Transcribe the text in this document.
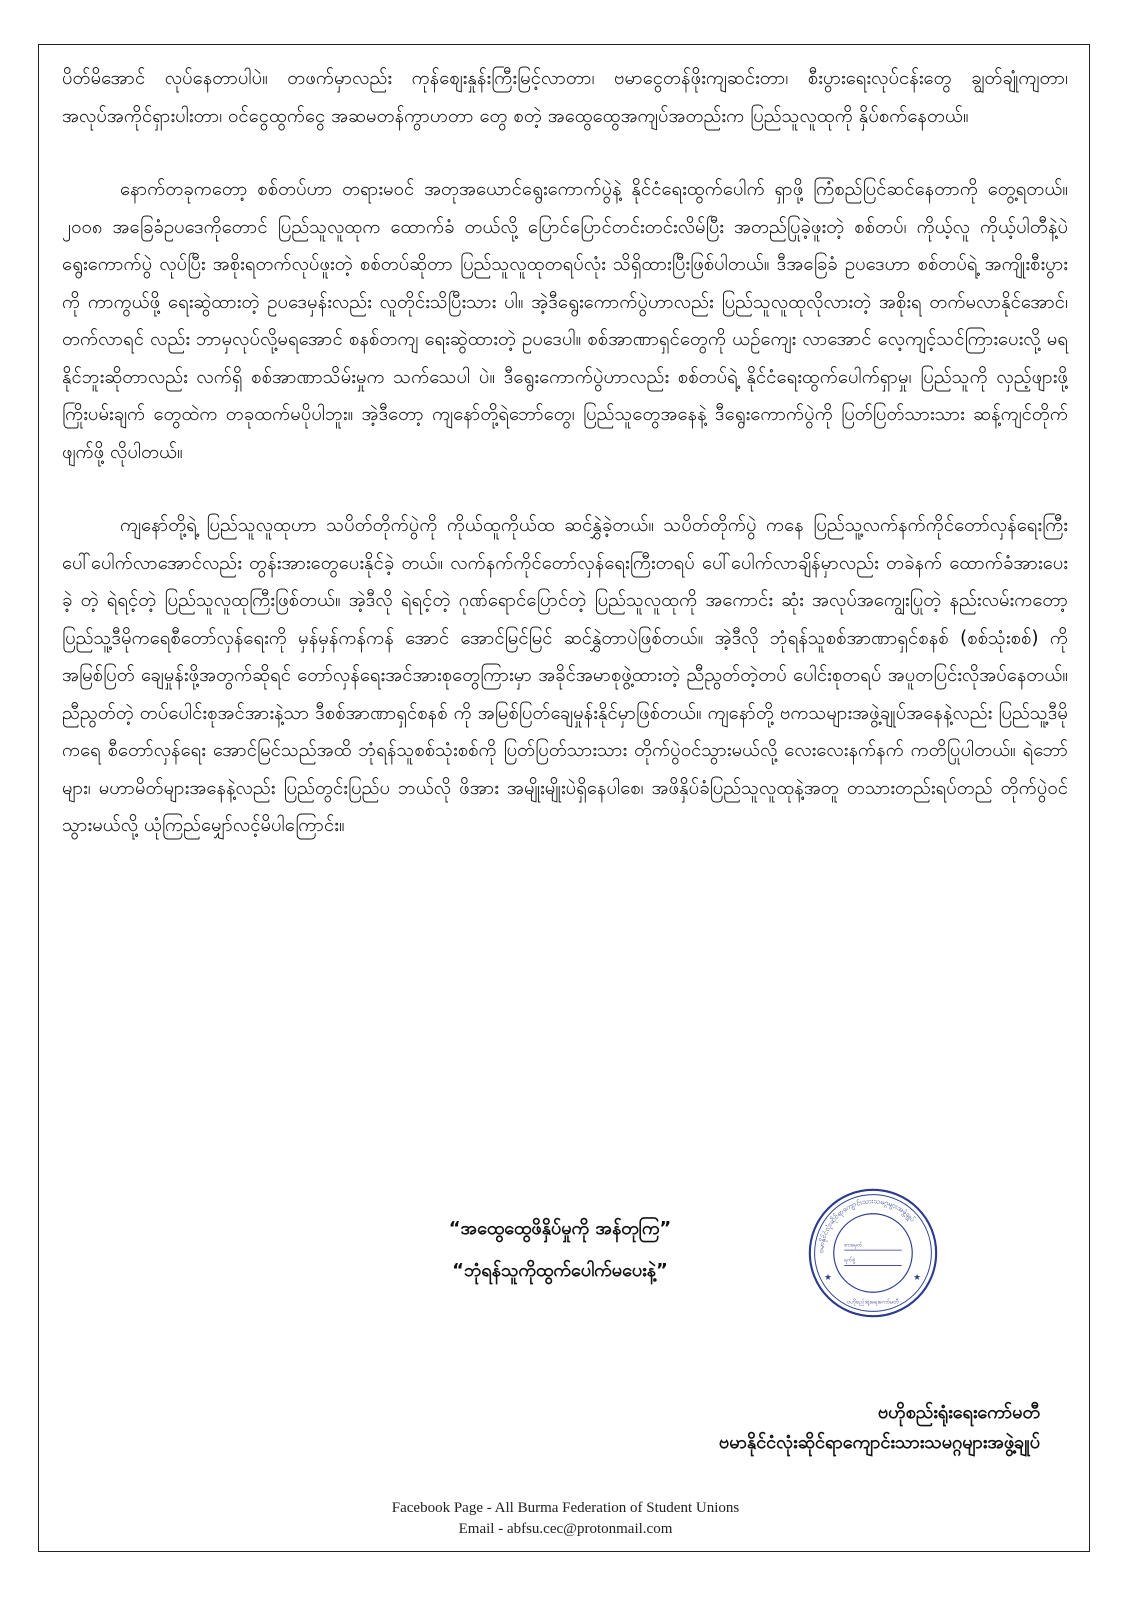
ပိတ်မိအောင် လုပ်နေတာပါပဲ။ တဖက်မှာလည်း ကုန်စျေးနှုန်းကြီးမြင့်လာတာ၊ ဗမာငွေတန်ဖိုးကျဆင်းတာ၊ စီးပွားရေးလုပ်ငန်းတွေ ချွတ်ချုံကျတာ၊ အလုပ်အကိုင်ရှားပါးတာ၊ ဝင်ငွေထွက်ငွေ အဆမတန်ကွာဟတာ တွေ စတဲ့ အထွေထွေအကျပ်အတည်းက ပြည်သူလူထုကို နှိပ်စက်နေတယ်။

နောက်တခုကတော့ စစ်တပ်ဟာ တရားမဝင် အတုအယောင်ရွေးကောက်ပွဲနဲ့ နိုင်ငံရေးထွက်ပေါက် ရှာဖို့ ကြံစည်ပြင်ဆင်နေတာကို တွေ့ရတယ်။ ၂၀၀၈ အခြေခံဥပဒေကိုတောင် ပြည်သူလူထုက ထောက်ခံ တယ်လို့ ပြောင်ပြောင်တင်းတင်းလိမ်ပြီး အတည်ပြုခဲ့ဖူးတဲ့ စစ်တပ်၊ ကိုယ့်လူ ကိုယ့်ပါတီနဲ့ပဲ ရွေးကောက်ပွဲ လုပ်ပြီး အစိုးရတက်လုပ်ဖူးတဲ့ စစ်တပ်ဆိုတာ ပြည်သူလူထုတရပ်လုံး သိရှိထားပြီးဖြစ်ပါတယ်။ ဒီအခြေခံ ဥပဒေဟာ စစ်တပ်ရဲ့ အကျိုးစီးပွားကို ကာကွယ်ဖို့ ရေးဆွဲထားတဲ့ ဥပဒေမှန်းလည်း လူတိုင်းသိပြီးသား ပါ။ အဲ့ဒီရွေးကောက်ပွဲဟာလည်း ပြည်သူလူထုလိုလားတဲ့ အစိုးရ တက်မလာနိုင်အောင်၊ တက်လာရင် လည်း ဘာမှလုပ်လို့မရအောင် စနစ်တကျ ရေးဆွဲထားတဲ့ ဥပဒေပါ။ စစ်အာဏာရှင်တွေကို ယဉ်ကျေး လာအောင် လေ့ကျင့်သင်ကြားပေးလို့ မရနိုင်ဘူးဆိုတာလည်း လက်ရှိ စစ်အာဏာသိမ်းမှုက သက်သေပါ ပဲ။ ဒီရွေးကောက်ပွဲဟာလည်း စစ်တပ်ရဲ့ နိုင်ငံရေးထွက်ပေါက်ရှာမှု၊ ပြည်သူကို လှည့်ဖျားဖို့ ကြိုးပမ်းချက် တွေထဲက တခုထက်မပိုပါဘူး။ အဲ့ဒီတော့ ကျနော်တို့ရဲဘော်တွေ၊ ပြည်သူတွေအနေနဲ့ ဒီရွေးကောက်ပွဲကို ပြတ်ပြတ်သားသား ဆန့်ကျင်တိုက်ဖျက်ဖို့ လိုပါတယ်။

ကျနော်တို့ရဲ့ ပြည်သူလူထုဟာ သပိတ်တိုက်ပွဲကို ကိုယ်ထူကိုယ်ထ ဆင်နွှဲခဲ့တယ်။ သပိတ်တိုက်ပွဲ ကနေ ပြည်သူ့လက်နက်ကိုင်တော်လှန်ရေးကြီး ပေါ်ပေါက်လာအောင်လည်း တွန်းအားတွေပေးနိုင်ခဲ့ တယ်။ လက်နက်ကိုင်တော်လှန်ရေးကြီးတရပ် ပေါ်ပေါက်လာချိန်မှာလည်း တခဲနက် ထောက်ခံအားပေးခဲ့ တဲ့ ရဲရင့်တဲ့ ပြည်သူလူထုကြီးဖြစ်တယ်။ အဲ့ဒီလို ရဲရင့်တဲ့ ဂုဏ်ရောင်ပြောင်တဲ့ ပြည်သူလူထုကို အကောင်း ဆုံး အလုပ်အကျွေးပြုတဲ့ နည်းလမ်းကတော့ ပြည်သူ့ဒီမိုကရေစီတော်လှန်ရေးကို မှန်မှန်ကန်ကန် အောင် အောင်မြင်မြင် ဆင်နွှဲတာပဲဖြစ်တယ်။ အဲ့ဒီလို ဘုံရန်သူစစ်အာဏာရှင်စနစ် (စစ်သုံးစစ်) ကို အမြစ်ပြတ် ချေမှုန်းဖို့အတွက်ဆိုရင် တော်လှန်ရေးအင်အားစုတွေကြားမှာ အခိုင်အမာစုဖွဲ့ထားတဲ့ ညီညွတ်တဲ့တပ် ပေါင်းစုတရပ် အပူတပြင်းလိုအပ်နေတယ်။ ညီညွတ်တဲ့ တပ်ပေါင်းစုအင်အားနဲ့သာ ဒီစစ်အာဏာရှင်စနစ် ကို အမြစ်ပြတ်ချေမှုန်းနိုင်မှာဖြစ်တယ်။ ကျနော်တို့ ဗကသများအဖွဲ့ချုပ်အနေနဲ့လည်း ပြည်သူ့ဒီမိုကရေ စီတော်လှန်ရေး အောင်မြင်သည်အထိ ဘုံရန်သူစစ်သုံးစစ်ကို ပြတ်ပြတ်သားသား တိုက်ပွဲဝင်သွားမယ်လို့ လေးလေးနက်နက် ကတိပြုပါတယ်။ ရဲဘော်များ၊ မဟာမိတ်များအနေနဲ့လည်း ပြည်တွင်းပြည်ပ ဘယ်လို ဖိအား အမျိုးမျိုးပဲရှိနေပါစေ၊ အဖိနှိပ်ခံပြည်သူလူထုနဲ့အတူ တသားတည်းရပ်တည် တိုက်ပွဲဝင်သွားမယ်လို့ ယုံကြည်မျှော်လင့်မိပါကြောင်း။

“အထွေထွေဖိနှိပ်မှုကို အန်တုကြ”
“ဘုံရန်သူကိုထွက်ပေါက်မပေးနဲ့”
ဗမာနိုင်ငံလုံးဆိုင်ရာကျောင်းသားသမဂ္ဂများအဖွဲ့ချုပ်
စာအမှတ်
ရက်စွဲ
★	★
ဗဟိုစည်းရုံးရေးကော်မတီ
ဗဟိုစည်းရုံးရေးကော်မတီ
ဗမာနိုင်ငံလုံးဆိုင်ရာကျောင်းသားသမဂ္ဂများအဖွဲ့ချုပ်
Facebook Page - All Burma Federation of Student Unions
Email - abfsu.cec@protonmail.com
